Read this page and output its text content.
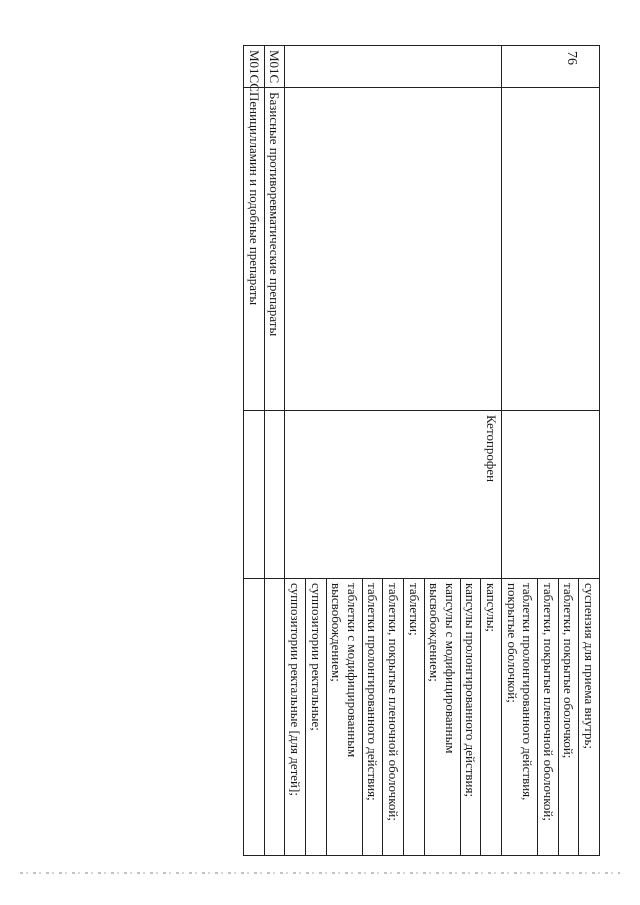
76
			суспензия для приема внутрь;
			таблетки, покрытые оболочкой;
			таблетки, покрытые пленочной оболочкой;
			таблетки пролонгированного действия, покрытые оболочкой;
		Кетопрофен	капсулы;
			капсулы пролонгированного действия;
			капсулы с модифицированным высвобождением;
			таблетки;
			таблетки, покрытые пленочной оболочкой;
			таблетки пролонгированного действия;
			таблетки с модифицированным высвобождением;
			суппозитории ректальные;
			суппозитории ректальные [для детей];
M01C	Базисные противоревматические препараты		
M01CC	Пеницилламин и подобные препараты		
